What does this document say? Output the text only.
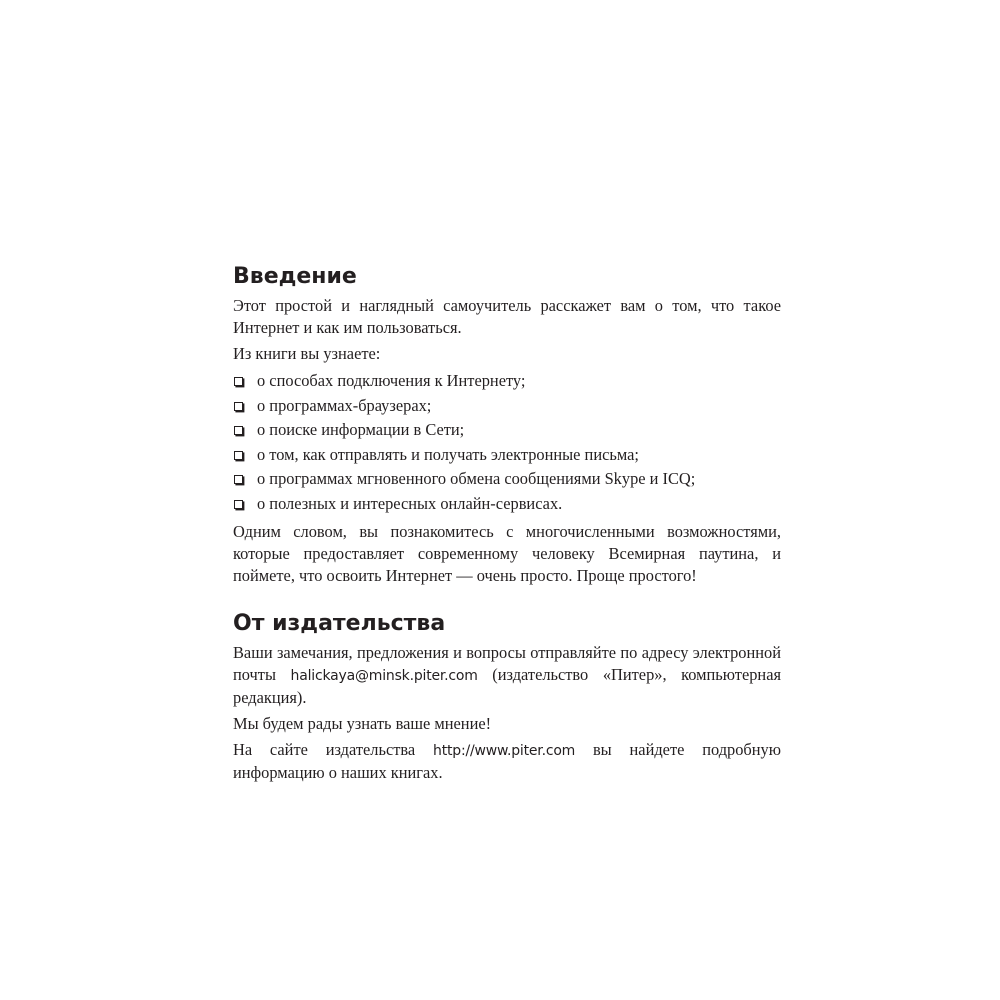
Введение

Этот простой и наглядный самоучитель расскажет вам о том, что такое Интернет и как им пользоваться.

Из книги вы узнаете:

о способах подключения к Интернету;
о программах-браузерах;
о поиске информации в Сети;
о том, как отправлять и получать электронные письма;
о программах мгновенного обмена сообщениями Skype и ICQ;
о полезных и интересных онлайн-сервисах.

Одним словом, вы познакомитесь с многочисленными возможностями, которые предоставляет современному человеку Всемирная паутина, и поймете, что освоить Интернет — очень просто. Проще простого!

От издательства

Ваши замечания, предложения и вопросы отправляйте по адресу электронной почты halickaya@minsk.piter.com (издательство «Питер», компьютерная редакция).

Мы будем рады узнать ваше мнение!

На сайте издательства http://www.piter.com вы найдете подробную информацию о наших книгах.
